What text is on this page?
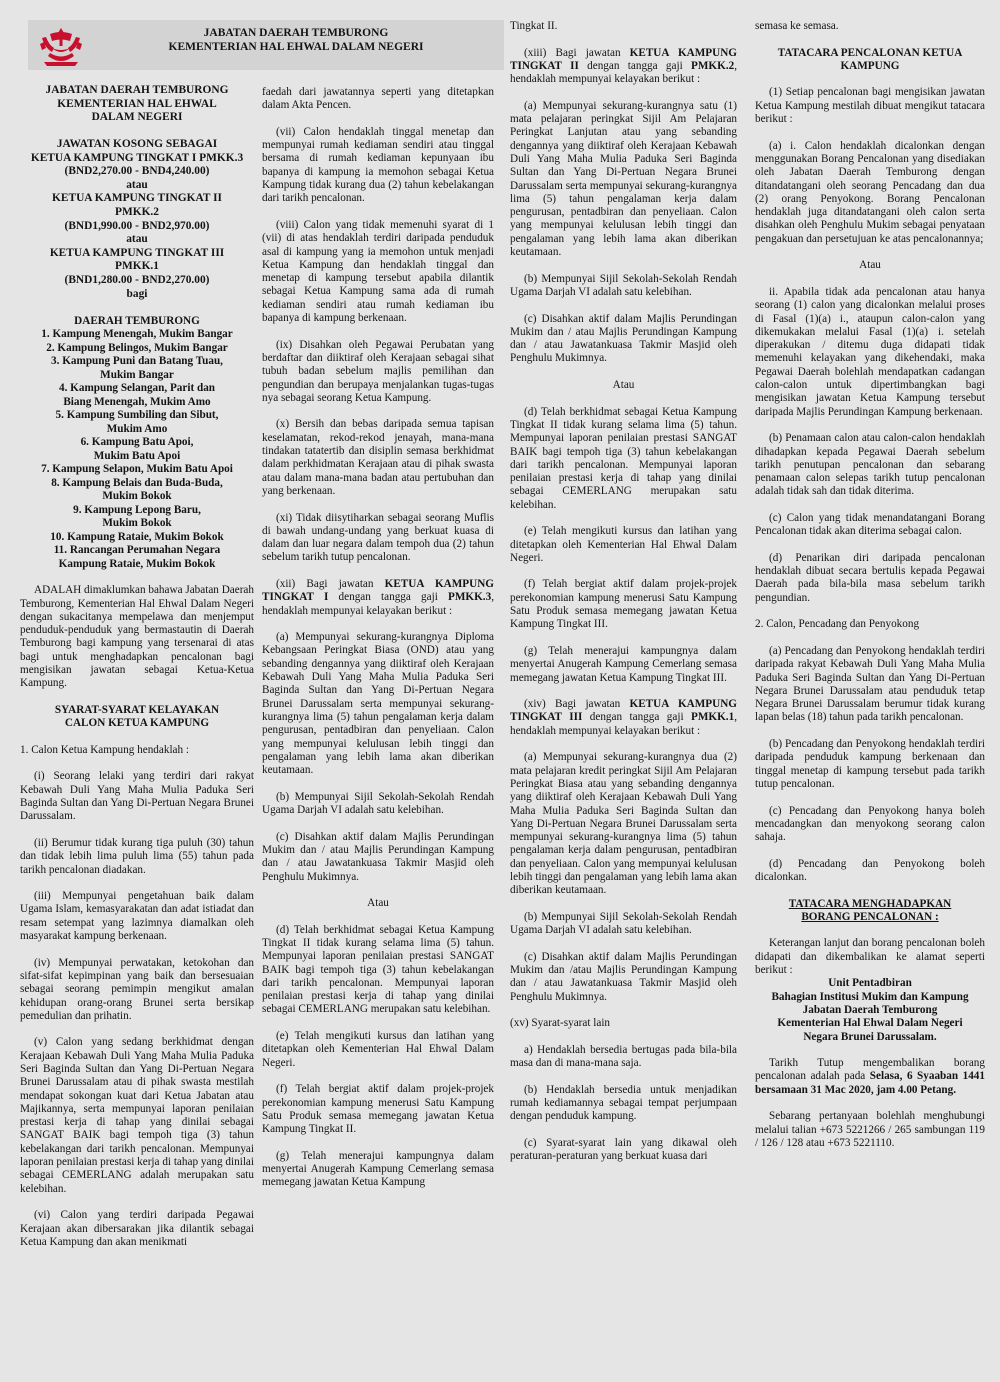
JABATAN DAERAH TEMBURONG
KEMENTERIAN HAL EHWAL DALAM NEGERI
JABATAN DAERAH TEMBURONG
KEMENTERIAN HAL EHWAL
DALAM NEGERI
JAWATAN KOSONG SEBAGAI
KETUA KAMPUNG TINGKAT I PMKK.3
(BND2,270.00 - BND4,240.00)
atau
KETUA KAMPUNG TINGKAT II
PMKK.2
(BND1,990.00 - BND2,970.00)
atau
KETUA KAMPUNG TINGKAT III
PMKK.1
(BND1,280.00 - BND2,270.00)
bagi
DAERAH TEMBURONG
1. Kampung Menengah, Mukim Bangar
2. Kampung Belingos, Mukim Bangar
3. Kampung Puni dan Batang Tuau,
Mukim Bangar
4. Kampung Selangan, Parit dan
Biang Menengah, Mukim Amo
5. Kampung Sumbiling dan Sibut,
Mukim Amo
6. Kampung Batu Apoi,
Mukim Batu Apoi
7. Kampung Selapon, Mukim Batu Apoi
8. Kampung Belais dan Buda-Buda,
Mukim Bokok
9. Kampung Lepong Baru,
Mukim Bokok
10. Kampung Rataie, Mukim Bokok
11. Rancangan Perumahan Negara
Kampung Rataie, Mukim Bokok

ADALAH dimaklumkan bahawa Jabatan Daerah Temburong, Kementerian Hal Ehwal Dalam Negeri dengan sukacitanya mempelawa dan menjemput penduduk-penduduk yang bermastautin di Daerah Temburong bagi kampung yang tersenarai di atas bagi untuk menghadapkan pencalonan bagi mengisikan jawatan sebagai Ketua-Ketua Kampung.

SYARAT-SYARAT KELAYAKAN
CALON KETUA KAMPUNG

1. Calon Ketua Kampung hendaklah :

(i) Seorang lelaki yang terdiri dari rakyat Kebawah Duli Yang Maha Mulia Paduka Seri Baginda Sultan dan Yang Di-Pertuan Negara Brunei Darussalam.

(ii) Berumur tidak kurang tiga puluh (30) tahun dan tidak lebih lima puluh lima (55) tahun pada tarikh pencalonan diadakan.

(iii) Mempunyai pengetahuan baik dalam Ugama Islam, kemasyarakatan dan adat istiadat dan resam setempat yang lazimnya diamalkan oleh masyarakat kampung berkenaan.

(iv) Mempunyai perwatakan, ketokohan dan sifat-sifat kepimpinan yang baik dan bersesuaian sebagai seorang pemimpin mengikut amalan kehidupan orang-orang Brunei serta bersikap pemedulian dan prihatin.

(v) Calon yang sedang berkhidmat dengan Kerajaan Kebawah Duli Yang Maha Mulia Paduka Seri Baginda Sultan dan Yang Di-Pertuan Negara Brunei Darussalam atau di pihak swasta mestilah mendapat sokongan kuat dari Ketua Jabatan atau Majikannya, serta mempunyai laporan penilaian prestasi kerja di tahap yang dinilai sebagai SANGAT BAIK bagi tempoh tiga (3) tahun kebelakangan dari tarikh pencalonan. Mempunyai laporan penilaian prestasi kerja di tahap yang dinilai sebagai CEMERLANG adalah merupakan satu kelebihan.

(vi) Calon yang terdiri daripada Pegawai Kerajaan akan dibersarakan jika dilantik sebagai Ketua Kampung dan akan menikmati

faedah dari jawatannya seperti yang ditetapkan dalam Akta Pencen.

(vii) Calon hendaklah tinggal menetap dan mempunyai rumah kediaman sendiri atau tinggal bersama di rumah kediaman kepunyaan ibu bapanya di kampung ia memohon sebagai Ketua Kampung tidak kurang dua (2) tahun kebelakangan dari tarikh pencalonan.

(viii) Calon yang tidak memenuhi syarat di 1 (vii) di atas hendaklah terdiri daripada penduduk asal di kampung yang ia memohon untuk menjadi Ketua Kampung dan hendaklah tinggal dan menetap di kampung tersebut apabila dilantik sebagai Ketua Kampung sama ada di rumah kediaman sendiri atau rumah kediaman ibu bapanya di kampung berkenaan.

(ix) Disahkan oleh Pegawai Perubatan yang berdaftar dan diiktiraf oleh Kerajaan sebagai sihat tubuh badan sebelum majlis pemilihan dan pengundian dan berupaya menjalankan tugas-tugas nya sebagai seorang Ketua Kampung.

(x) Bersih dan bebas daripada semua tapisan keselamatan, rekod-rekod jenayah, mana-mana tindakan tatatertib dan disiplin semasa berkhidmat dalam perkhidmatan Kerajaan atau di pihak swasta atau dalam mana-mana badan atau pertubuhan dan yang berkenaan.

(xi) Tidak diisytiharkan sebagai seorang Muflis di bawah undang-undang yang berkuat kuasa di dalam dan luar negara dalam tempoh dua (2) tahun sebelum tarikh tutup pencalonan.

(xii) Bagi jawatan KETUA KAMPUNG TINGKAT I dengan tangga gaji PMKK.3, hendaklah mempunyai kelayakan berikut :

(a) Mempunyai sekurang-kurangnya Diploma Kebangsaan Peringkat Biasa (OND) atau yang sebanding dengannya yang diiktiraf oleh Kerajaan Kebawah Duli Yang Maha Mulia Paduka Seri Baginda Sultan dan Yang Di-Pertuan Negara Brunei Darussalam serta mempunyai sekurang-kurangnya lima (5) tahun pengalaman kerja dalam pengurusan, pentadbiran dan penyeliaan. Calon yang mempunyai kelulusan lebih tinggi dan pengalaman yang lebih lama akan diberikan keutamaan.

(b) Mempunyai Sijil Sekolah-Sekolah Rendah Ugama Darjah VI adalah satu kelebihan.

(c) Disahkan aktif dalam Majlis Perundingan Mukim dan / atau Majlis Perundingan Kampung dan / atau Jawatankuasa Takmir Masjid oleh Penghulu Mukimnya.

Atau

(d) Telah berkhidmat sebagai Ketua Kampung Tingkat II tidak kurang selama lima (5) tahun. Mempunyai laporan penilaian prestasi SANGAT BAIK bagi tempoh tiga (3) tahun kebelakangan dari tarikh pencalonan. Mempunyai laporan penilaian prestasi kerja di tahap yang dinilai sebagai CEMERLANG merupakan satu kelebihan.

(e) Telah mengikuti kursus dan latihan yang ditetapkan oleh Kementerian Hal Ehwal Dalam Negeri.

(f) Telah bergiat aktif dalam projek-projek perekonomian kampung menerusi Satu Kampung Satu Produk semasa memegang jawatan Ketua Kampung Tingkat II.

(g) Telah menerajui kampungnya dalam menyertai Anugerah Kampung Cemerlang semasa memegang jawatan Ketua Kampung

Tingkat II.

(xiii) Bagi jawatan KETUA KAMPUNG TINGKAT II dengan tangga gaji PMKK.2, hendaklah mempunyai kelayakan berikut :

(a) Mempunyai sekurang-kurangnya satu (1) mata pelajaran peringkat Sijil Am Pelajaran Peringkat Lanjutan atau yang sebanding dengannya yang diiktiraf oleh Kerajaan Kebawah Duli Yang Maha Mulia Paduka Seri Baginda Sultan dan Yang Di-Pertuan Negara Brunei Darussalam serta mempunyai sekurang-kurangnya lima (5) tahun pengalaman kerja dalam pengurusan, pentadbiran dan penyeliaan. Calon yang mempunyai kelulusan lebih tinggi dan pengalaman yang lebih lama akan diberikan keutamaan.

(b) Mempunyai Sijil Sekolah-Sekolah Rendah Ugama Darjah VI adalah satu kelebihan.

(c) Disahkan aktif dalam Majlis Perundingan Mukim dan / atau Majlis Perundingan Kampung dan / atau Jawatankuasa Takmir Masjid oleh Penghulu Mukimnya.

Atau

(d) Telah berkhidmat sebagai Ketua Kampung Tingkat II tidak kurang selama lima (5) tahun. Mempunyai laporan penilaian prestasi SANGAT BAIK bagi tempoh tiga (3) tahun kebelakangan dari tarikh pencalonan. Mempunyai laporan penilaian prestasi kerja di tahap yang dinilai sebagai CEMERLANG merupakan satu kelebihan.

(e) Telah mengikuti kursus dan latihan yang ditetapkan oleh Kementerian Hal Ehwal Dalam Negeri.

(f) Telah bergiat aktif dalam projek-projek perekonomian kampung menerusi Satu Kampung Satu Produk semasa memegang jawatan Ketua Kampung Tingkat III.

(g) Telah menerajui kampungnya dalam menyertai Anugerah Kampung Cemerlang semasa memegang jawatan Ketua Kampung Tingkat III.

(xiv) Bagi jawatan KETUA KAMPUNG TINGKAT III dengan tangga gaji PMKK.1, hendaklah mempunyai kelayakan berikut :

(a) Mempunyai sekurang-kurangnya dua (2) mata pelajaran kredit peringkat Sijil Am Pelajaran Peringkat Biasa atau yang sebanding dengannya yang diiktiraf oleh Kerajaan Kebawah Duli Yang Maha Mulia Paduka Seri Baginda Sultan dan Yang Di-Pertuan Negara Brunei Darussalam serta mempunyai sekurang-kurangnya lima (5) tahun pengalaman kerja dalam pengurusan, pentadbiran dan penyeliaan. Calon yang mempunyai kelulusan lebih tinggi dan pengalaman yang lebih lama akan diberikan keutamaan.

(b) Mempunyai Sijil Sekolah-Sekolah Rendah Ugama Darjah VI adalah satu kelebihan.

(c) Disahkan aktif dalam Majlis Perundingan Mukim dan /atau Majlis Perundingan Kampung dan / atau Jawatankuasa Takmir Masjid oleh Penghulu Mukimnya.

(xv) Syarat-syarat lain

a) Hendaklah bersedia bertugas pada bila-bila masa dan di mana-mana saja.

(b) Hendaklah bersedia untuk menjadikan rumah kediamannya sebagai tempat perjumpaan dengan penduduk kampung.

(c) Syarat-syarat lain yang dikawal oleh peraturan-peraturan yang berkuat kuasa dari

semasa ke semasa.

TATACARA PENCALONAN KETUA
KAMPUNG

(1) Setiap pencalonan bagi mengisikan jawatan Ketua Kampung mestilah dibuat mengikut tatacara berikut :

(a) i. Calon hendaklah dicalonkan dengan menggunakan Borang Pencalonan yang disediakan oleh Jabatan Daerah Temburong dengan ditandatangani oleh seorang Pencadang dan dua (2) orang Penyokong. Borang Pencalonan hendaklah juga ditandatangani oleh calon serta disahkan oleh Penghulu Mukim sebagai penyataan pengakuan dan persetujuan ke atas pencalonannya;

Atau

ii. Apabila tidak ada pencalonan atau hanya seorang (1) calon yang dicalonkan melalui proses di Fasal (1)(a) i., ataupun calon-calon yang dikemukakan melalui Fasal (1)(a) i. setelah diperakukan / ditemu duga didapati tidak memenuhi kelayakan yang dikehendaki, maka Pegawai Daerah bolehlah mendapatkan cadangan calon-calon untuk dipertimbangkan bagi mengisikan jawatan Ketua Kampung tersebut daripada Majlis Perundingan Kampung berkenaan.

(b) Penamaan calon atau calon-calon hendaklah dihadapkan kepada Pegawai Daerah sebelum tarikh penutupan pencalonan dan sebarang penamaan calon selepas tarikh tutup pencalonan adalah tidak sah dan tidak diterima.

(c) Calon yang tidak menandatangani Borang Pencalonan tidak akan diterima sebagai calon.

(d) Penarikan diri daripada pencalonan hendaklah dibuat secara bertulis kepada Pegawai Daerah pada bila-bila masa sebelum tarikh pengundian.

2. Calon, Pencadang dan Penyokong

(a) Pencadang dan Penyokong hendaklah terdiri daripada rakyat Kebawah Duli Yang Maha Mulia Paduka Seri Baginda Sultan dan Yang Di-Pertuan Negara Brunei Darussalam atau penduduk tetap Negara Brunei Darussalam berumur tidak kurang lapan belas (18) tahun pada tarikh pencalonan.

(b) Pencadang dan Penyokong hendaklah terdiri daripada penduduk kampung berkenaan dan tinggal menetap di kampung tersebut pada tarikh tutup pencalonan.

(c) Pencadang dan Penyokong hanya boleh mencadangkan dan menyokong seorang calon sahaja.

(d) Pencadang dan Penyokong boleh dicalonkan.

TATACARA MENGHADAPKAN
BORANG PENCALONAN :

Keterangan lanjut dan borang pencalonan boleh didapati dan dikembalikan ke alamat seperti berikut :

Unit Pentadbiran
Bahagian Institusi Mukim dan Kampung
Jabatan Daerah Temburong
Kementerian Hal Ehwal Dalam Negeri
Negara Brunei Darussalam.

Tarikh Tutup mengembalikan borang pencalonan adalah pada Selasa, 6 Syaaban 1441 bersamaan 31 Mac 2020, jam 4.00 Petang.

Sebarang pertanyaan bolehlah menghubungi melalui talian +673 5221266 / 265 sambungan 119 / 126 / 128 atau +673 5221110.
